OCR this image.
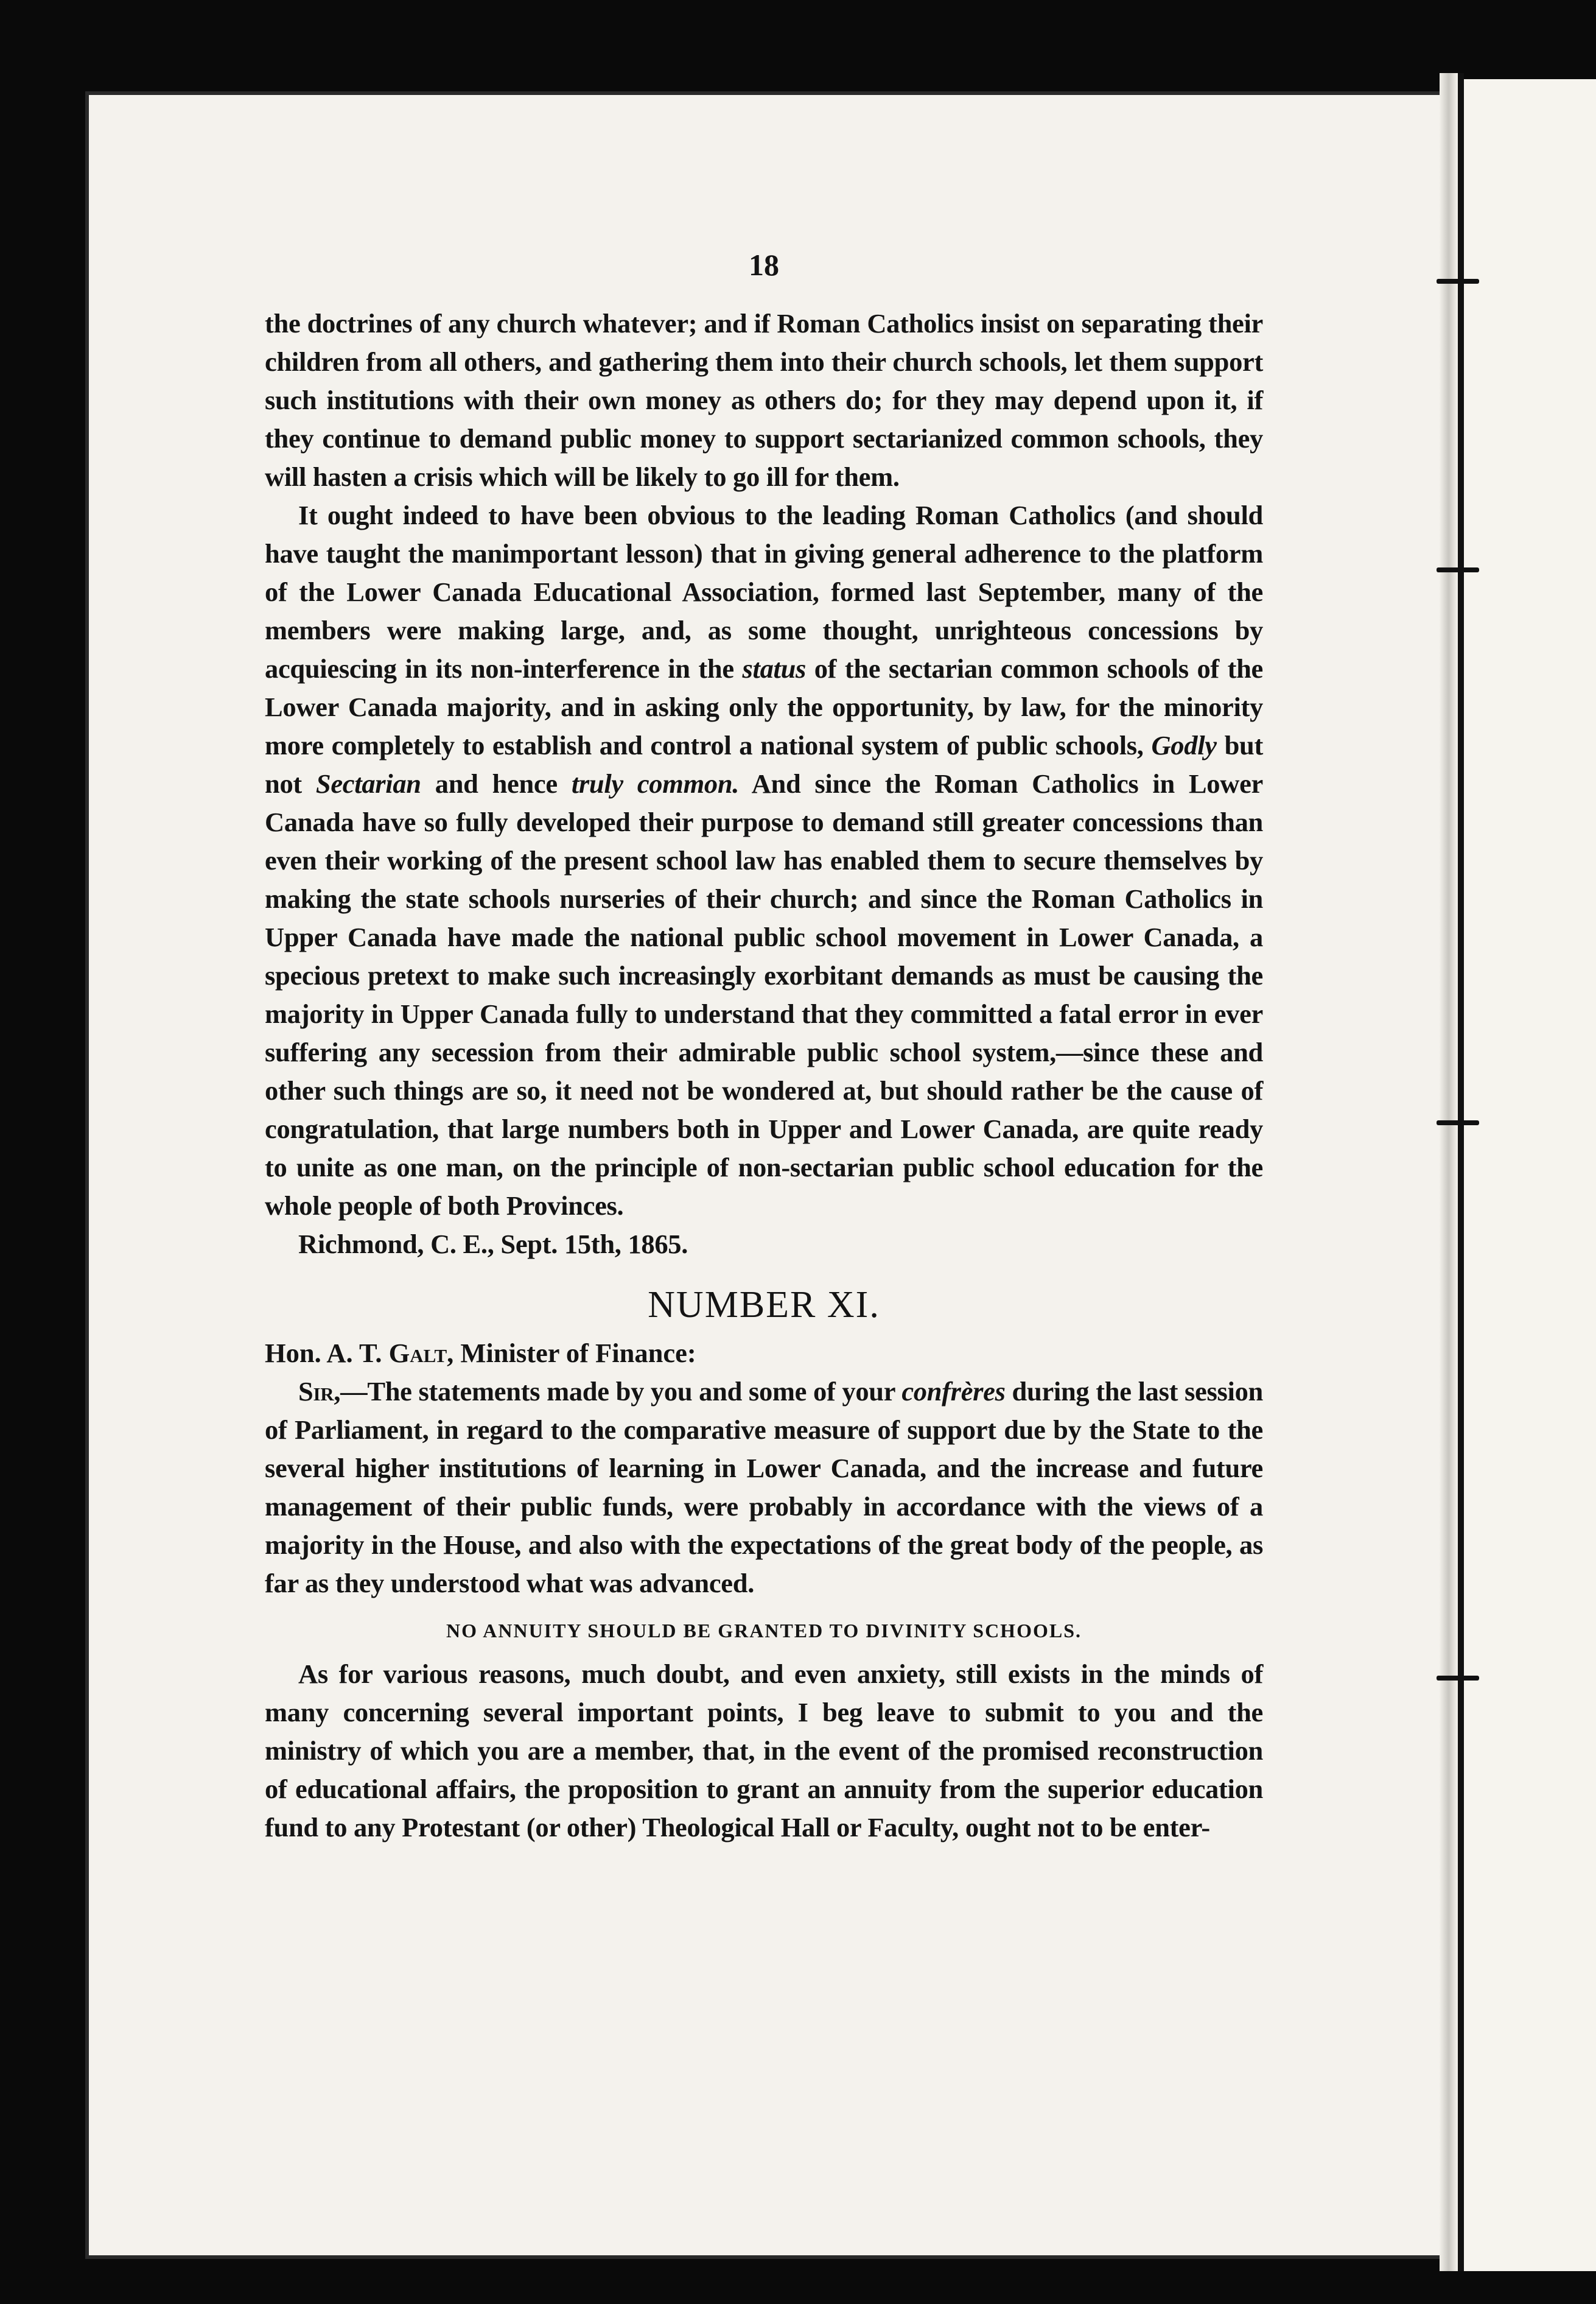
18

the doctrines of any church whatever; and if Roman Catholics insist on separating their children from all others, and gathering them into their church schools, let them support such institutions with their own money as others do; for they may depend upon it, if they continue to demand public money to support sectarianized common schools, they will hasten a crisis which will be likely to go ill for them.

It ought indeed to have been obvious to the leading Roman Catholics (and should have taught the manimportant lesson) that in giving general adherence to the platform of the Lower Canada Educational Association, formed last September, many of the members were making large, and, as some thought, unrighteous concessions by acquiescing in its non-interference in the status of the sectarian common schools of the Lower Canada majority, and in asking only the opportunity, by law, for the minority more completely to establish and control a national system of public schools, Godly but not Sectarian and hence truly common. And since the Roman Catholics in Lower Canada have so fully developed their purpose to demand still greater concessions than even their working of the present school law has enabled them to secure themselves by making the state schools nurseries of their church; and since the Roman Catholics in Upper Canada have made the national public school movement in Lower Canada, a specious pretext to make such increasingly exorbitant demands as must be causing the majority in Upper Canada fully to understand that they committed a fatal error in ever suffering any secession from their admirable public school system,—since these and other such things are so, it need not be wondered at, but should rather be the cause of congratulation, that large numbers both in Upper and Lower Canada, are quite ready to unite as one man, on the principle of non-sectarian public school education for the whole people of both Provinces.

Richmond, C. E., Sept. 15th, 1865.

NUMBER XI.
Hon. A. T. Galt, Minister of Finance:

Sir,—The statements made by you and some of your confrères during the last session of Parliament, in regard to the comparative measure of support due by the State to the several higher institutions of learning in Lower Canada, and the increase and future management of their public funds, were probably in accordance with the views of a majority in the House, and also with the expectations of the great body of the people, as far as they understood what was advanced.

NO ANNUITY SHOULD BE GRANTED TO DIVINITY SCHOOLS.

As for various reasons, much doubt, and even anxiety, still exists in the minds of many concerning several important points, I beg leave to submit to you and the ministry of which you are a member, that, in the event of the promised reconstruction of educational affairs, the proposition to grant an annuity from the superior education fund to any Protestant (or other) Theological Hall or Faculty, ought not to be enter-
